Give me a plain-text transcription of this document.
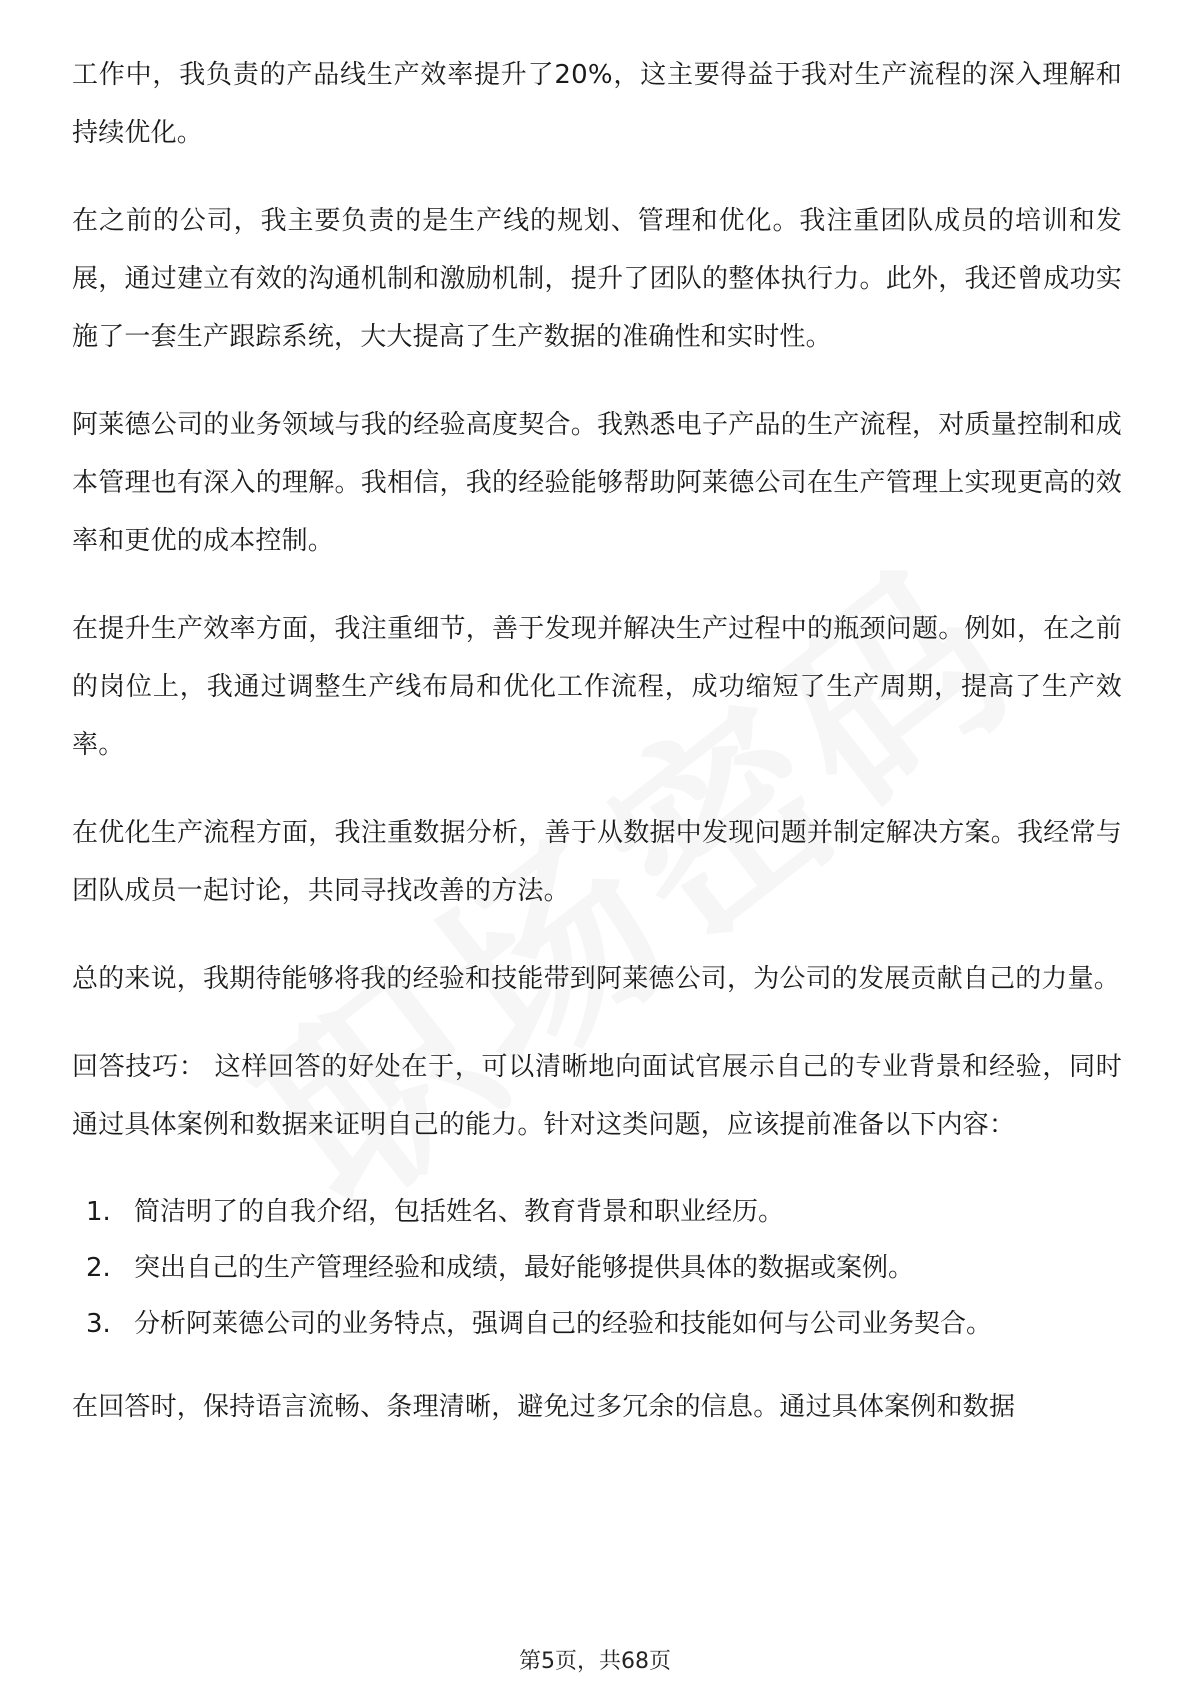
工作中，我负责的产品线生产效率提升了20%，这主要得益于我对生产流程的深入理解和持续优化。

在之前的公司，我主要负责的是生产线的规划、管理和优化。我注重团队成员的培训和发展，通过建立有效的沟通机制和激励机制，提升了团队的整体执行力。此外，我还曾成功实施了一套生产跟踪系统，大大提高了生产数据的准确性和实时性。

阿莱德公司的业务领域与我的经验高度契合。我熟悉电子产品的生产流程，对质量控制和成本管理也有深入的理解。我相信，我的经验能够帮助阿莱德公司在生产管理上实现更高的效率和更优的成本控制。

在提升生产效率方面，我注重细节，善于发现并解决生产过程中的瓶颈问题。例如，在之前的岗位上，我通过调整生产线布局和优化工作流程，成功缩短了生产周期，提高了生产效率。

在优化生产流程方面，我注重数据分析，善于从数据中发现问题并制定解决方案。我经常与团队成员一起讨论，共同寻找改善的方法。

总的来说，我期待能够将我的经验和技能带到阿莱德公司，为公司的发展贡献自己的力量。

回答技巧： 这样回答的好处在于，可以清晰地向面试官展示自己的专业背景和经验，同时通过具体案例和数据来证明自己的能力。针对这类问题，应该提前准备以下内容：

1. 简洁明了的自我介绍，包括姓名、教育背景和职业经历。
2. 突出自己的生产管理经验和成绩，最好能够提供具体的数据或案例。
3. 分析阿莱德公司的业务特点，强调自己的经验和技能如何与公司业务契合。

在回答时，保持语言流畅、条理清晰，避免过多冗余的信息。通过具体案例和数据

第5页，共68页
